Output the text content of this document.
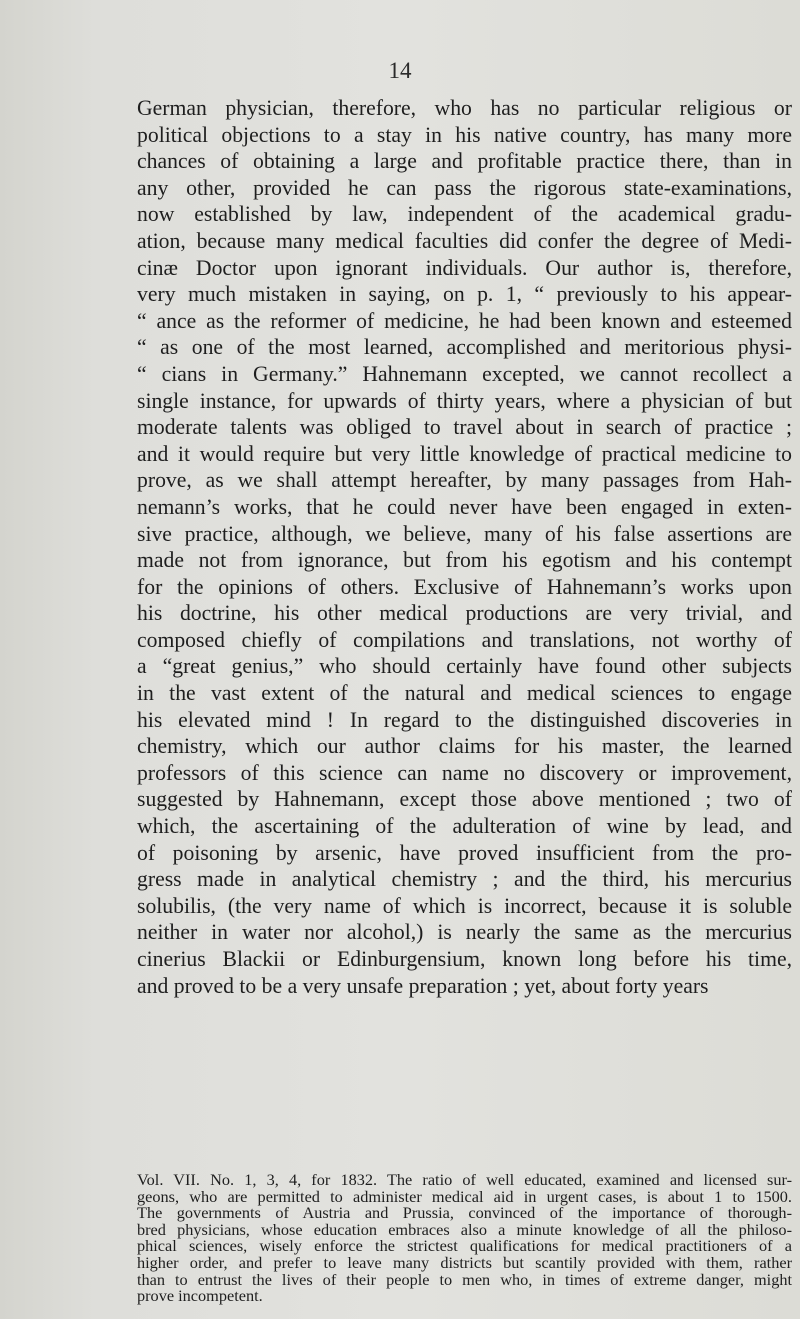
14
German physician, therefore, who has no particular religious or
political objections to a stay in his native country, has many more
chances of obtaining a large and profitable practice there, than in
any other, provided he can pass the rigorous state-examinations,
now established by law, independent of the academical gradu-
ation, because many medical faculties did confer the degree of Medi-
cinæ Doctor upon ignorant individuals. Our author is, therefore,
very much mistaken in saying, on p. 1, “ previously to his appear-
“ ance as the reformer of medicine, he had been known and esteemed
“ as one of the most learned, accomplished and meritorious physi-
“ cians in Germany.” Hahnemann excepted, we cannot recollect a
single instance, for upwards of thirty years, where a physician of but
moderate talents was obliged to travel about in search of practice ;
and it would require but very little knowledge of practical medicine to
prove, as we shall attempt hereafter, by many passages from Hah-
nemann’s works, that he could never have been engaged in exten-
sive practice, although, we believe, many of his false assertions are
made not from ignorance, but from his egotism and his contempt
for the opinions of others. Exclusive of Hahnemann’s works upon
his doctrine, his other medical productions are very trivial, and
composed chiefly of compilations and translations, not worthy of
a “great genius,” who should certainly have found other subjects
in the vast extent of the natural and medical sciences to engage
his elevated mind ! In regard to the distinguished discoveries in
chemistry, which our author claims for his master, the learned
professors of this science can name no discovery or improvement,
suggested by Hahnemann, except those above mentioned ; two of
which, the ascertaining of the adulteration of wine by lead, and
of poisoning by arsenic, have proved insufficient from the pro-
gress made in analytical chemistry ; and the third, his mercurius
solubilis, (the very name of which is incorrect, because it is soluble
neither in water nor alcohol,) is nearly the same as the mercurius
cinerius Blackii or Edinburgensium, known long before his time,
and proved to be a very unsafe preparation ; yet, about forty years
Vol. VII. No. 1, 3, 4, for 1832. The ratio of well educated, examined and licensed sur-
geons, who are permitted to administer medical aid in urgent cases, is about 1 to 1500.
The governments of Austria and Prussia, convinced of the importance of thorough-
bred physicians, whose education embraces also a minute knowledge of all the philoso-
phical sciences, wisely enforce the strictest qualifications for medical practitioners of a
higher order, and prefer to leave many districts but scantily provided with them, rather
than to entrust the lives of their people to men who, in times of extreme danger, might
prove incompetent.
